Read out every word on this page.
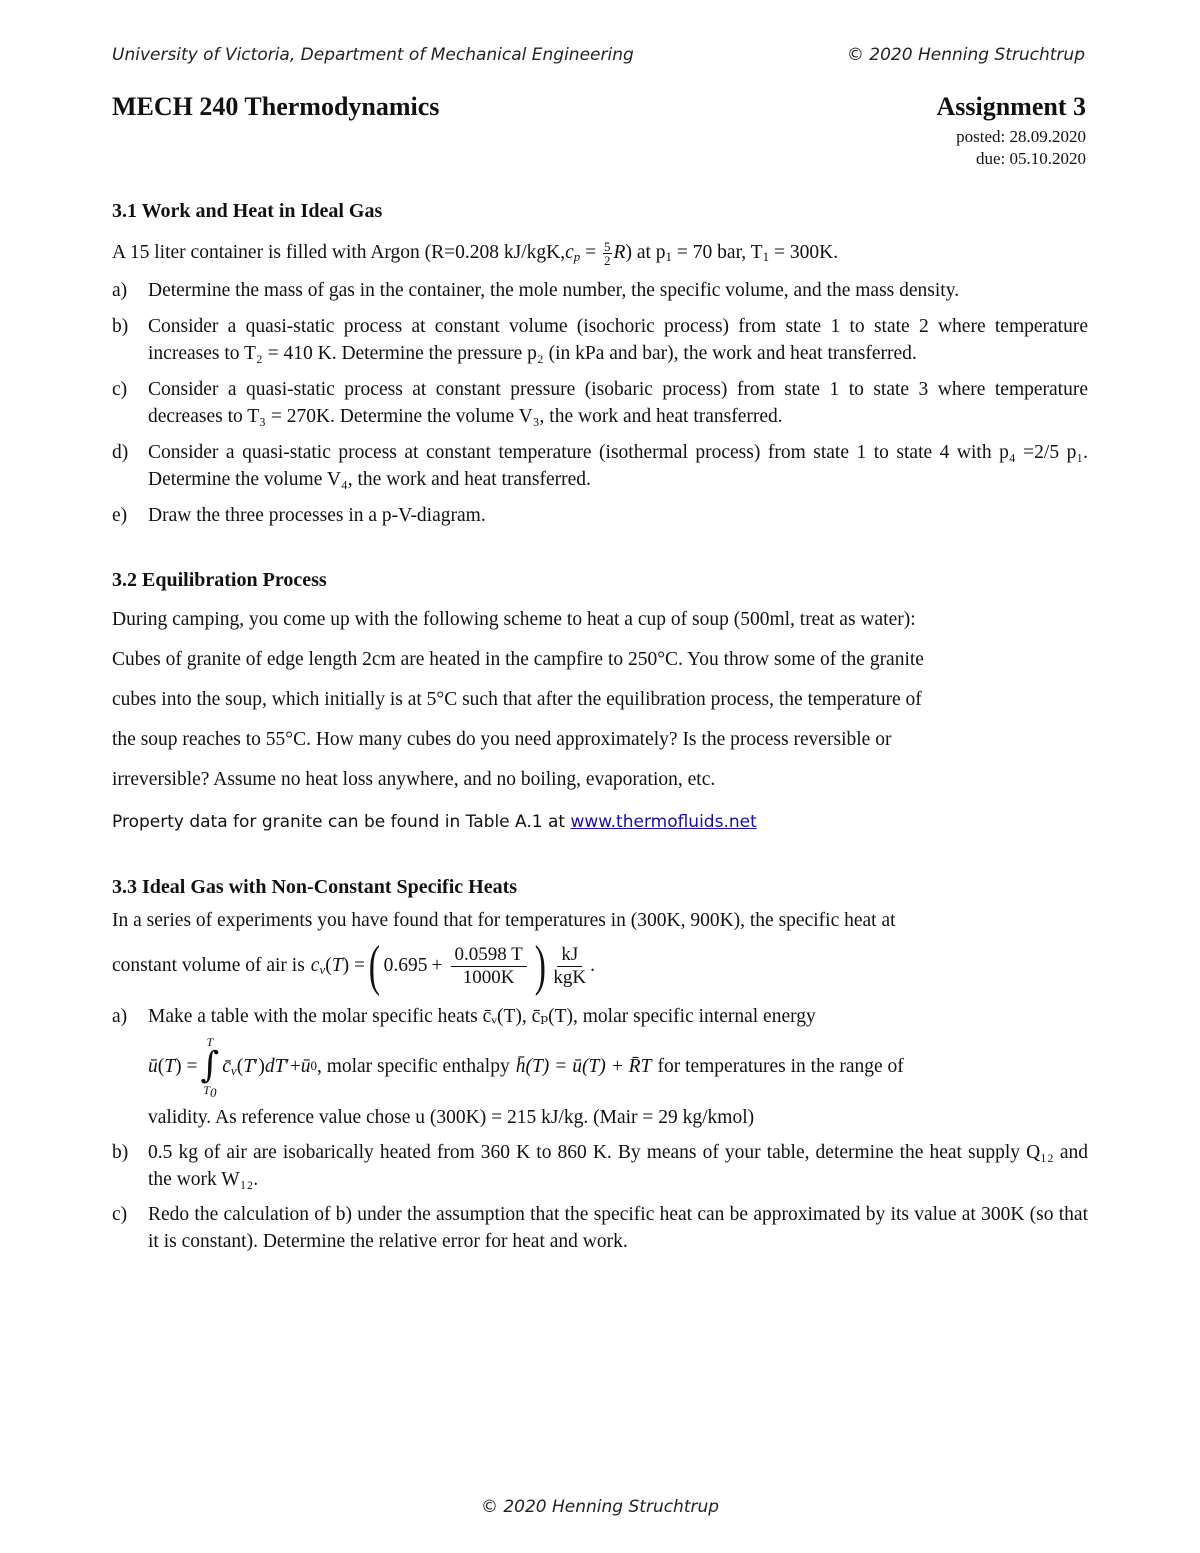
University of Victoria, Department of Mechanical Engineering	© 2020 Henning Struchtrup
MECH 240 Thermodynamics	Assignment 3
posted: 28.09.2020
due: 05.10.2020
3.1 Work and Heat in Ideal Gas

A 15 liter container is filled with Argon (R=0.208 $kJ/kgK,c_p = \frac{5}{2} R$) at $p_1 = 70$ bar, $T_1 = 300K$.

a)	Determine the mass of gas in the container, the mole number, the specific volume, and the mass density.
b)	Consider a quasi-static process at constant volume (isochoric process) from state 1 to state 2 where temperature increases to T₂ = 410 K. Determine the pressure p₂ (in kPa and bar), the work and heat transferred.
c)	Consider a quasi-static process at constant pressure (isobaric process) from state 1 to state 3 where temperature decreases to T₃ = 270K. Determine the volume V₃, the work and heat transferred.
d)	Consider a quasi-static process at constant temperature (isothermal process) from state 1 to state 4 with p₄ =2/5 p₁. Determine the volume V₄, the work and heat transferred.
e)	Draw the three processes in a p-V-diagram.
3.2 Equilibration Process

During camping, you come up with the following scheme to heat a cup of soup (500ml, treat as water):

Cubes of granite of edge length 2cm are heated in the campfire to 250°C. You throw some of the granite

cubes into the soup, which initially is at 5°C such that after the equilibration process, the temperature of

the soup reaches to 55°C. How many cubes do you need approximately? Is the process reversible or

irreversible? Assume no heat loss anywhere, and no boiling, evaporation, etc.

Property data for granite can be found in Table A.1 at www.thermofluids.net

3.3 Ideal Gas with Non-Constant Specific Heats

In a series of experiments you have found that for temperatures in (300K, 900K), the specific heat at

constant volume of air is $c_v$ (T) = ( $0.695 + \frac{0.0598 T}{1000K}$ ) $\frac{kJ}{\text{kgK}}$ .
a)	Make a table with the molar specific heats c̄ᵥ(T), c̄ₚ(T), molar specific internal energy
ū ( T ) =
T
∫
$T_0$
$c̄_v$ ( T ′) dT ′+ ū 0 , molar specific enthalpy h̄(T) = ū(T) + R̄T for temperatures in the range of
validity. As reference value chose u (300K) = 215 kJ/kg. (Mair = 29 kg/kmol)
b)	0.5 kg of air are isobarically heated from 360 K to 860 K. By means of your table, determine the heat supply Q₁₂ and the work W₁₂.
c)	Redo the calculation of b) under the assumption that the specific heat can be approximated by its value at 300K (so that it is constant). Determine the relative error for heat and work.
© 2020 Henning Struchtrup
